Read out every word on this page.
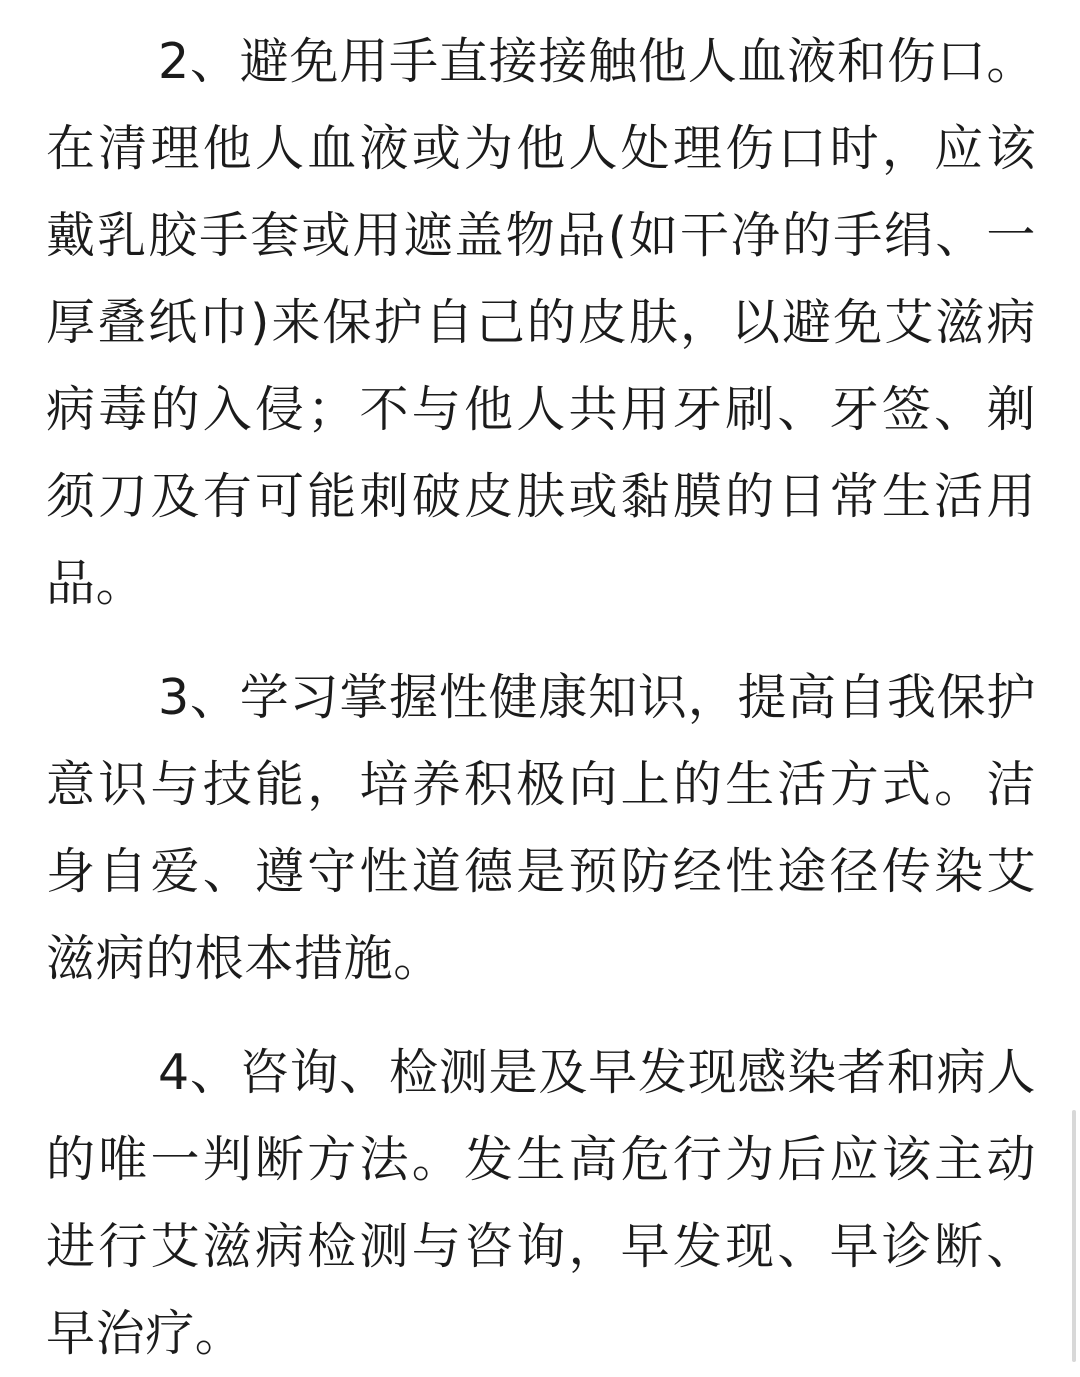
2、避免用手直接接触他人血液和伤口。在清理他人血液或为他人处理伤口时，应该戴乳胶手套或用遮盖物品(如干净的手绢、一厚叠纸巾)来保护自己的皮肤，以避免艾滋病病毒的入侵；不与他人共用牙刷、牙签、剃须刀及有可能刺破皮肤或黏膜的日常生活用品。

3、学习掌握性健康知识，提高自我保护意识与技能，培养积极向上的生活方式。洁身自爱、遵守性道德是预防经性途径传染艾滋病的根本措施。

4、咨询、检测是及早发现感染者和病人的唯一判断方法。发生高危行为后应该主动进行艾滋病检测与咨询，早发现、早诊断、早治疗。
